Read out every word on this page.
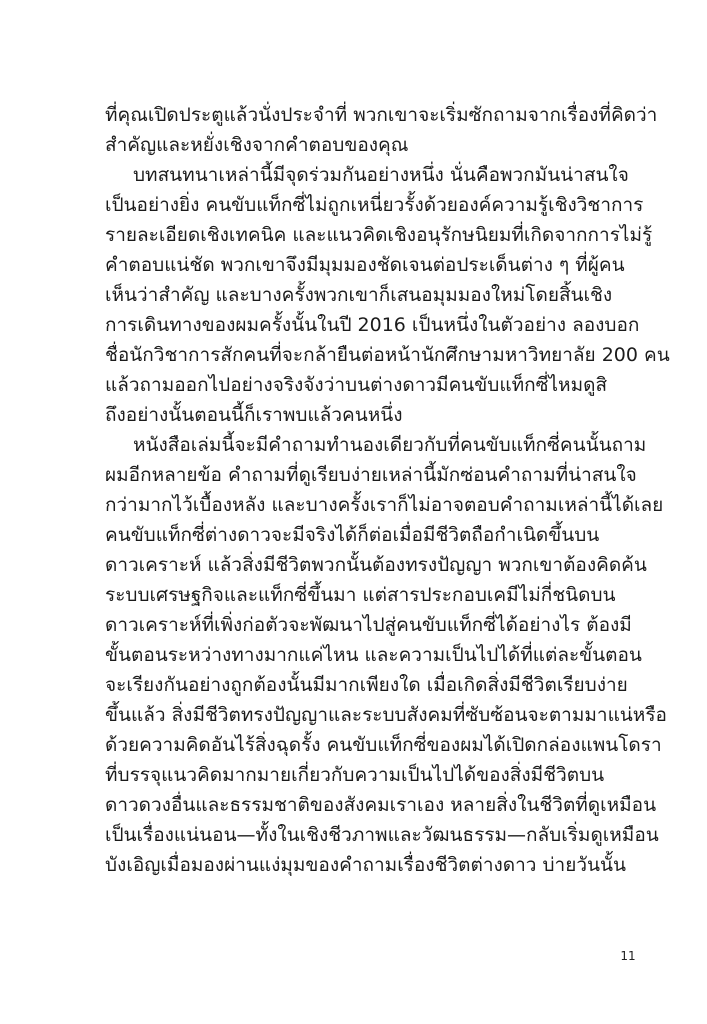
ที่คุณเปิดประตูแล้วนั่งประจำที่ พวกเขาจะเริ่มซักถามจากเรื่องที่คิดว่า
สำคัญและหยั่งเชิงจากคำตอบของคุณ
บทสนทนาเหล่านี้มีจุดร่วมกันอย่างหนึ่ง นั่นคือพวกมันน่าสนใจ
เป็นอย่างยิ่ง คนขับแท็กซี่ไม่ถูกเหนี่ยวรั้งด้วยองค์ความรู้เชิงวิชาการ
รายละเอียดเชิงเทคนิค และแนวคิดเชิงอนุรักษนิยมที่เกิดจากการไม่รู้
คำตอบแน่ชัด พวกเขาจึงมีมุมมองชัดเจนต่อประเด็นต่าง ๆ ที่ผู้คน
เห็นว่าสำคัญ และบางครั้งพวกเขาก็เสนอมุมมองใหม่โดยสิ้นเชิง
การเดินทางของผมครั้งนั้นในปี 2016 เป็นหนึ่งในตัวอย่าง ลองบอก
ชื่อนักวิชาการสักคนที่จะกล้ายืนต่อหน้านักศึกษามหาวิทยาลัย 200 คน
แล้วถามออกไปอย่างจริงจังว่าบนต่างดาวมีคนขับแท็กซี่ไหมดูสิ
ถึงอย่างนั้นตอนนี้ก็เราพบแล้วคนหนึ่ง
หนังสือเล่มนี้จะมีคำถามทำนองเดียวกับที่คนขับแท็กซี่คนนั้นถาม
ผมอีกหลายข้อ คำถามที่ดูเรียบง่ายเหล่านี้มักซ่อนคำถามที่น่าสนใจ
กว่ามากไว้เบื้องหลัง และบางครั้งเราก็ไม่อาจตอบคำถามเหล่านี้ได้เลย
คนขับแท็กซี่ต่างดาวจะมีจริงได้ก็ต่อเมื่อมีชีวิตถือกำเนิดขึ้นบน
ดาวเคราะห์ แล้วสิ่งมีชีวิตพวกนั้นต้องทรงปัญญา พวกเขาต้องคิดค้น
ระบบเศรษฐกิจและแท็กซี่ขึ้นมา แต่สารประกอบเคมีไม่กี่ชนิดบน
ดาวเคราะห์ที่เพิ่งก่อตัวจะพัฒนาไปสู่คนขับแท็กซี่ได้อย่างไร ต้องมี
ขั้นตอนระหว่างทางมากแค่ไหน และความเป็นไปได้ที่แต่ละขั้นตอน
จะเรียงกันอย่างถูกต้องนั้นมีมากเพียงใด เมื่อเกิดสิ่งมีชีวิตเรียบง่าย
ขึ้นแล้ว สิ่งมีชีวิตทรงปัญญาและระบบสังคมที่ซับซ้อนจะตามมาแน่หรือ
ด้วยความคิดอันไร้สิ่งฉุดรั้ง คนขับแท็กซี่ของผมได้เปิดกล่องแพนโดรา
ที่บรรจุแนวคิดมากมายเกี่ยวกับความเป็นไปได้ของสิ่งมีชีวิตบน
ดาวดวงอื่นและธรรมชาติของสังคมเราเอง หลายสิ่งในชีวิตที่ดูเหมือน
เป็นเรื่องแน่นอน—ทั้งในเชิงชีวภาพและวัฒนธรรม—กลับเริ่มดูเหมือน
บังเอิญเมื่อมองผ่านแง่มุมของคำถามเรื่องชีวิตต่างดาว บ่ายวันนั้น
11
